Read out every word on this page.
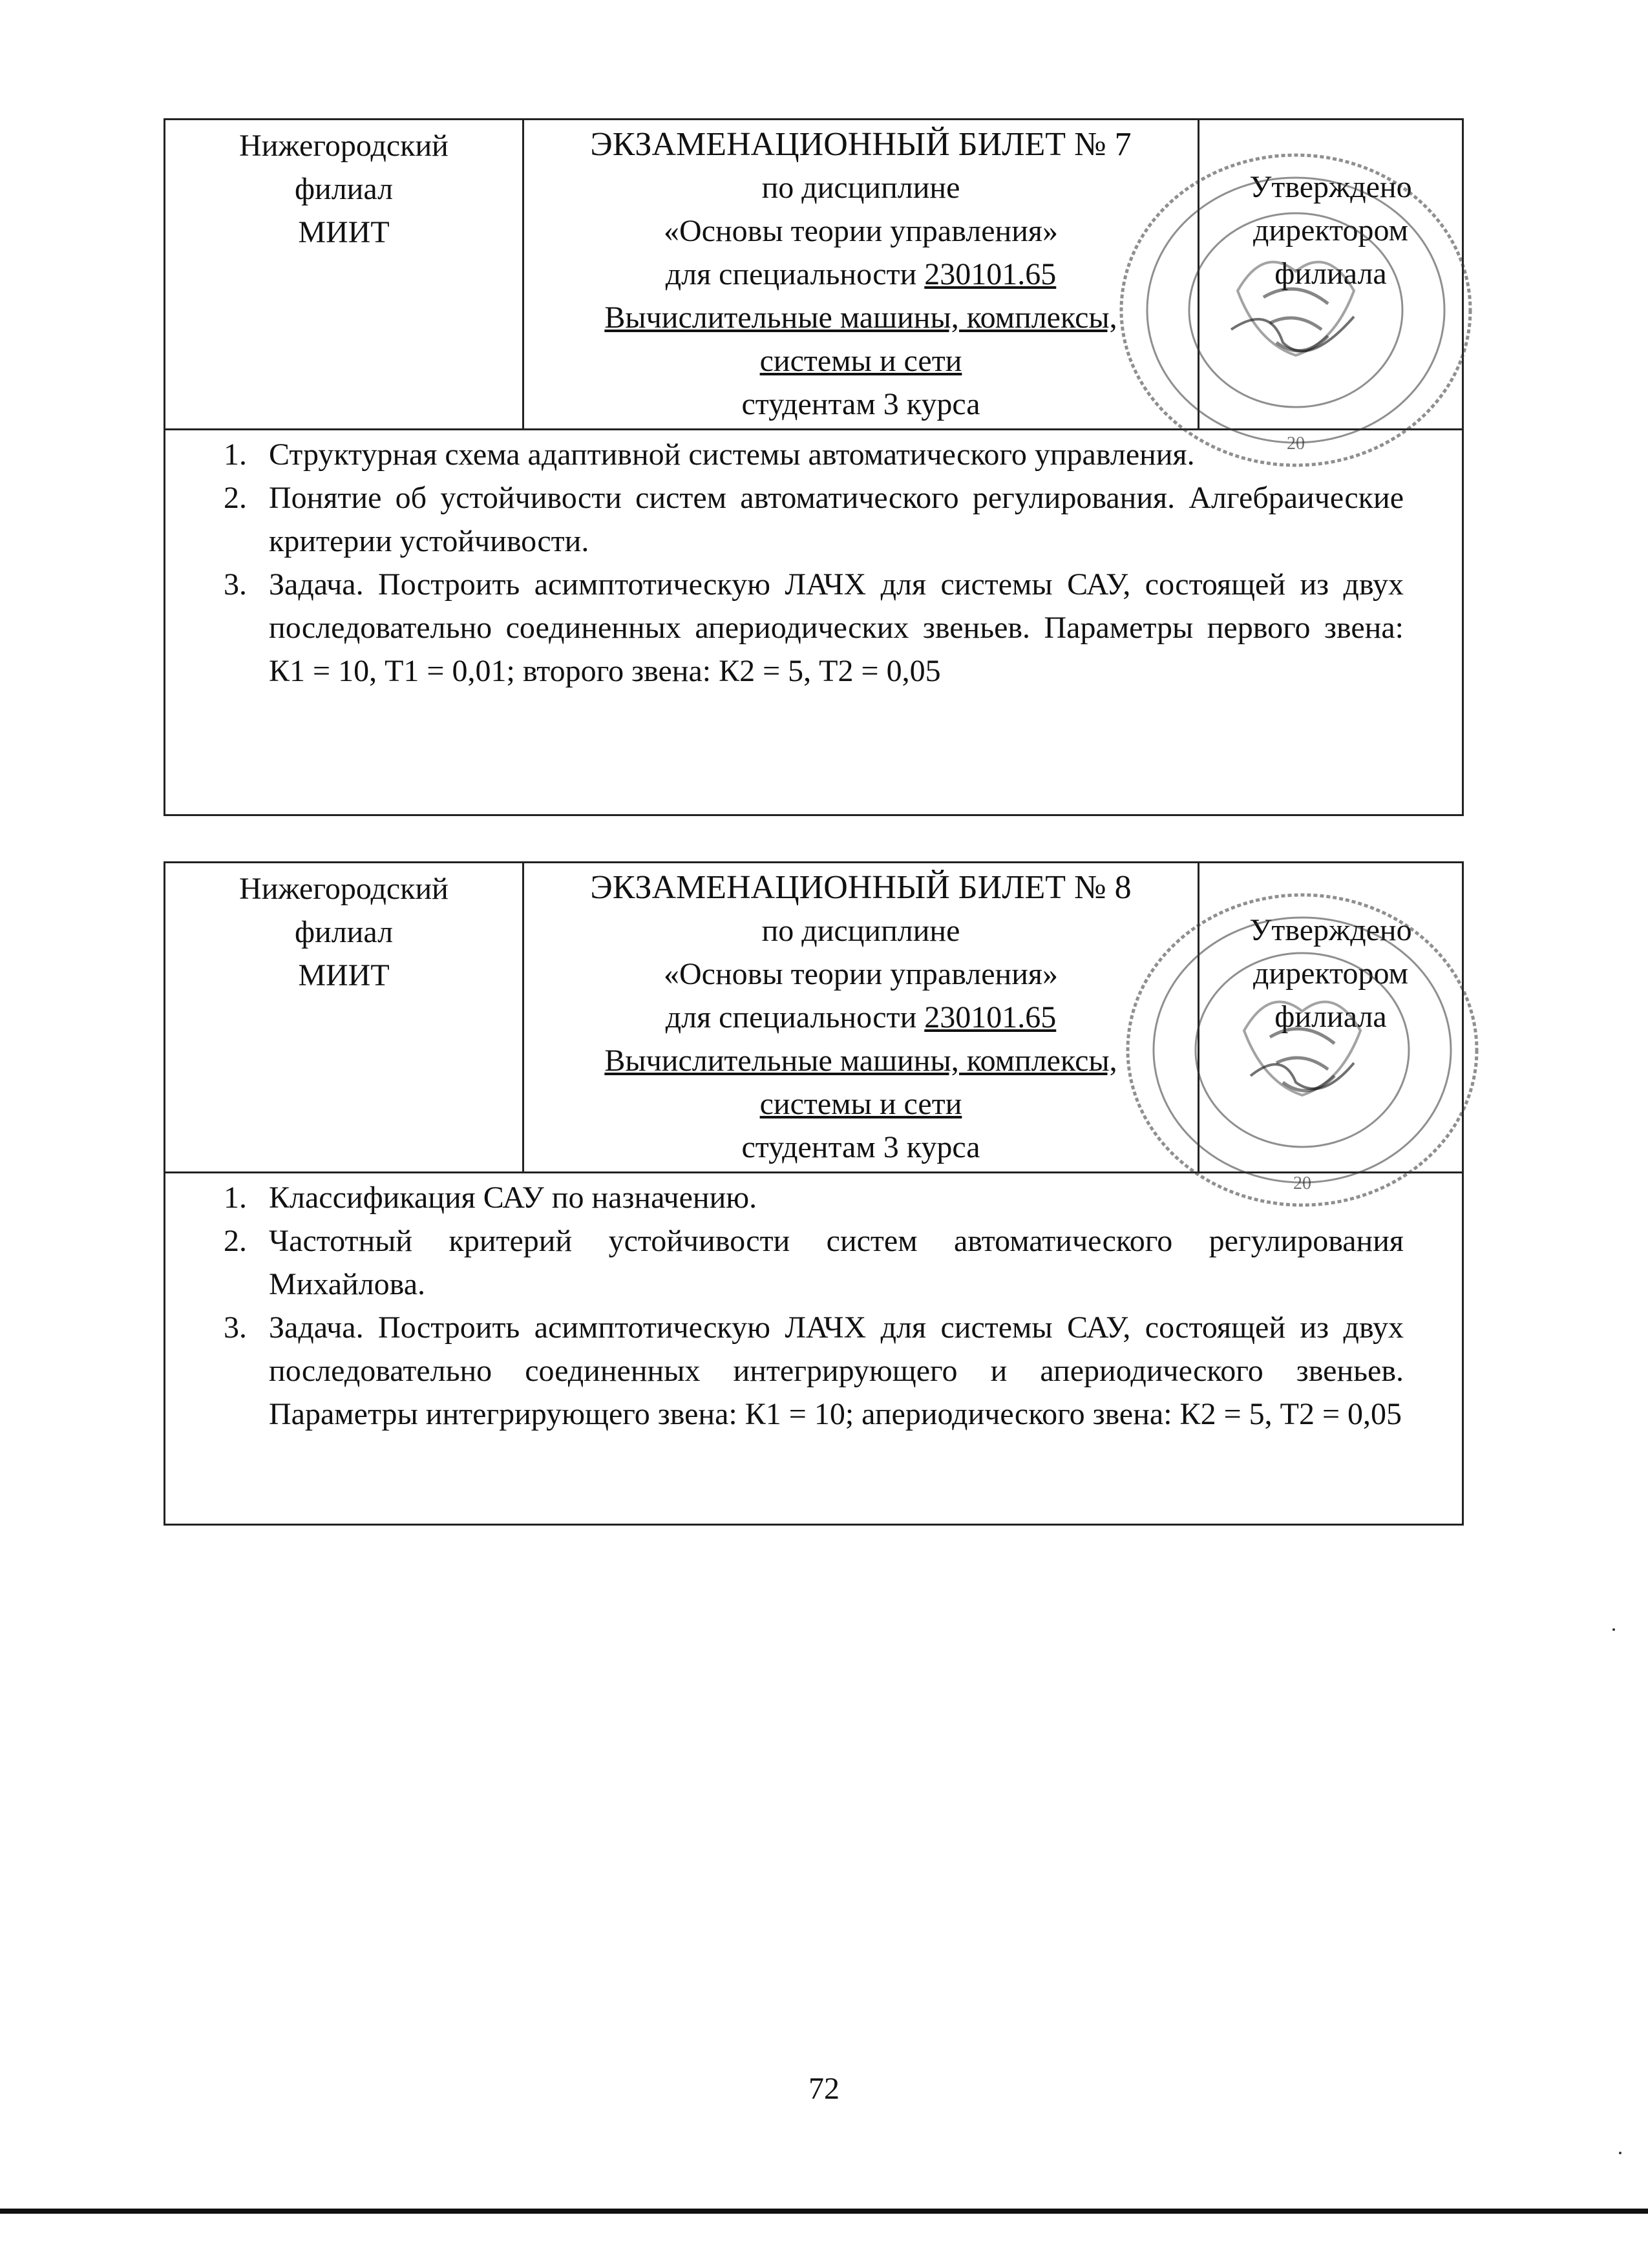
Нижегородский
филиал
МИИТ
ЭКЗАМЕНАЦИОННЫЙ БИЛЕТ № 7
по дисциплине
«Основы теории управления»
для специальности 230101.65
Вычислительные машины, комплексы,
системы и сети
студентам 3 курса
Утверждено
директором
филиала
1. Структурная схема адаптивной системы автоматического управления.
2. Понятие об устойчивости систем автоматического регулирования. Алгебраические критерии устойчивости.
3. Задача. Построить асимптотическую ЛАЧХ для системы САУ, состоящей из двух последовательно соединенных апериодических звеньев. Параметры первого звена: К1 = 10, Т1 = 0,01; второго звена: К2 = 5, Т2 = 0,05
20
Нижегородский
филиал
МИИТ
ЭКЗАМЕНАЦИОННЫЙ БИЛЕТ № 8
по дисциплине
«Основы теории управления»
для специальности 230101.65
Вычислительные машины, комплексы,
системы и сети
студентам 3 курса
Утверждено
директором
филиала
1. Классификация САУ по назначению.
2. Частотный критерий устойчивости систем автоматического регулирования Михайлова.
3. Задача. Построить асимптотическую ЛАЧХ для системы САУ, состоящей из двух последовательно соединенных интегрирующего и апериодического звеньев. Параметры интегрирующего звена: К1 = 10; апериодического звена: К2 = 5, Т2 = 0,05
20
72
